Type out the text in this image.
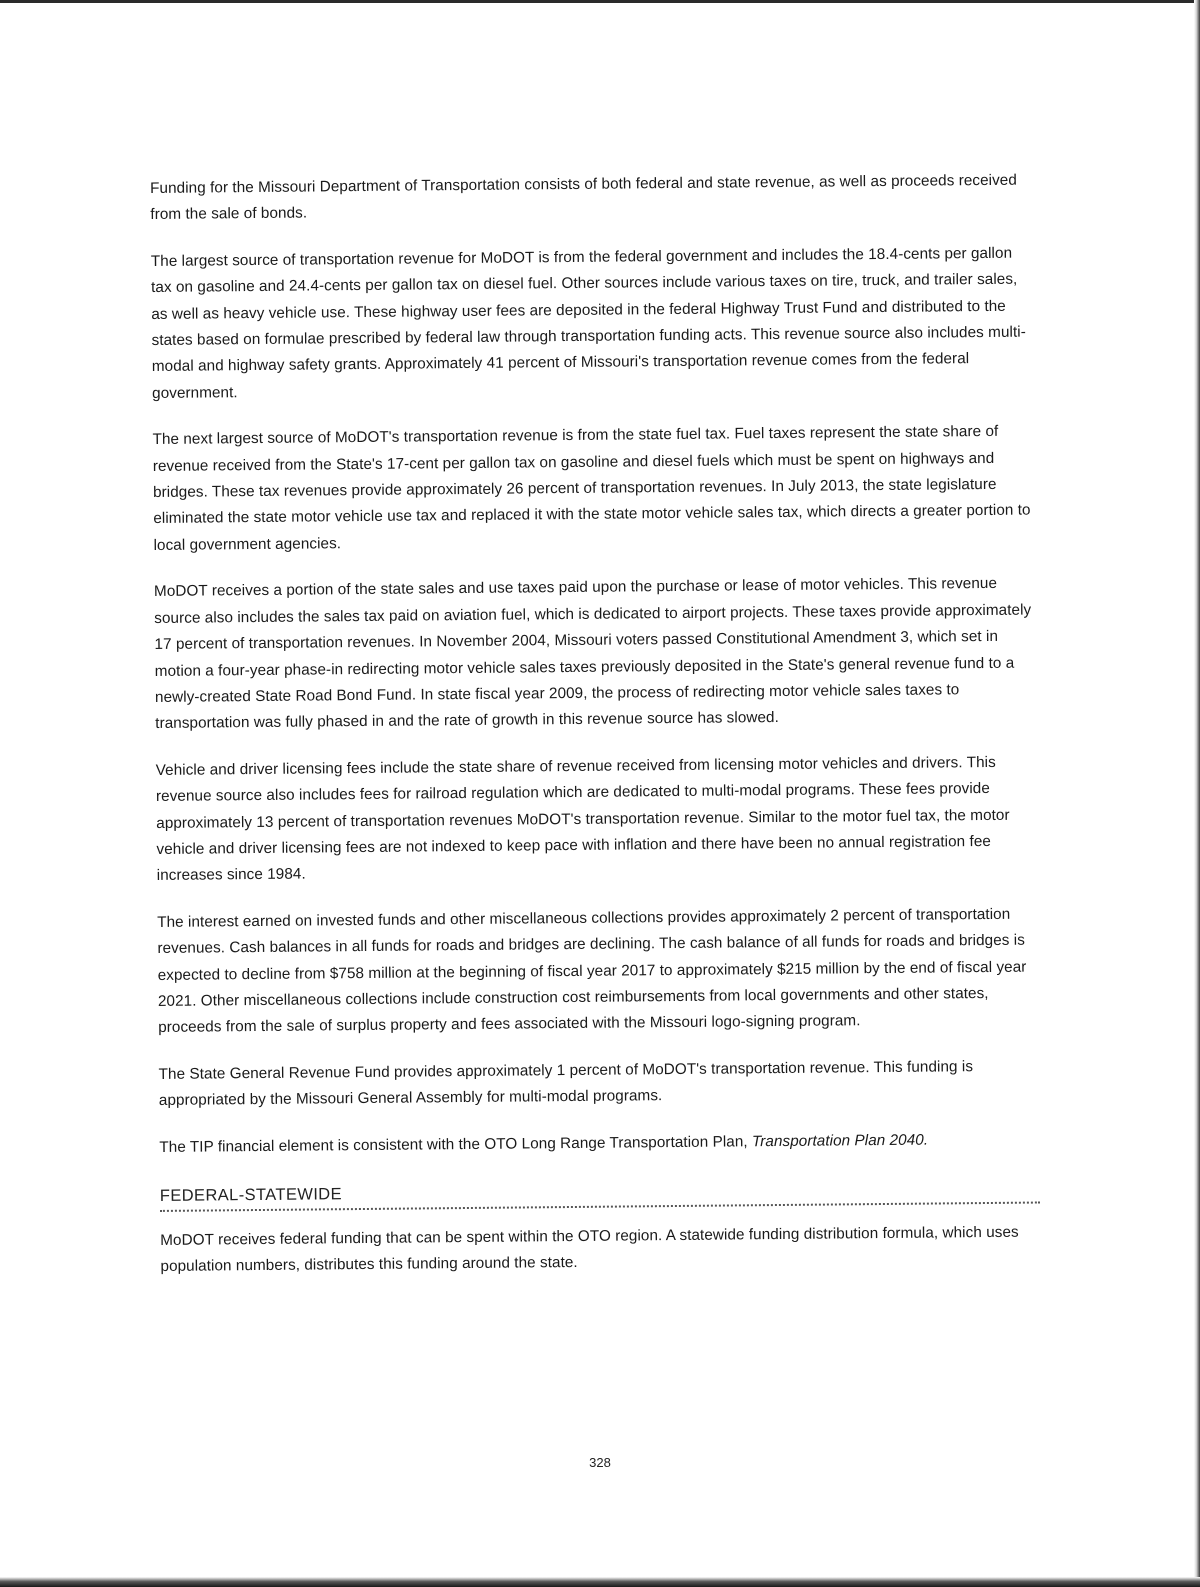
Funding for the Missouri Department of Transportation consists of both federal and state revenue, as well as proceeds received from the sale of bonds.

The largest source of transportation revenue for MoDOT is from the federal government and includes the 18.4-cents per gallon tax on gasoline and 24.4-cents per gallon tax on diesel fuel. Other sources include various taxes on tire, truck, and trailer sales, as well as heavy vehicle use. These highway user fees are deposited in the federal Highway Trust Fund and distributed to the states based on formulae prescribed by federal law through transportation funding acts. This revenue source also includes multi-modal and highway safety grants. Approximately 41 percent of Missouri's transportation revenue comes from the federal government.

The next largest source of MoDOT's transportation revenue is from the state fuel tax. Fuel taxes represent the state share of revenue received from the State's 17-cent per gallon tax on gasoline and diesel fuels which must be spent on highways and bridges. These tax revenues provide approximately 26 percent of transportation revenues. In July 2013, the state legislature eliminated the state motor vehicle use tax and replaced it with the state motor vehicle sales tax, which directs a greater portion to local government agencies.

MoDOT receives a portion of the state sales and use taxes paid upon the purchase or lease of motor vehicles. This revenue source also includes the sales tax paid on aviation fuel, which is dedicated to airport projects. These taxes provide approximately 17 percent of transportation revenues. In November 2004, Missouri voters passed Constitutional Amendment 3, which set in motion a four-year phase-in redirecting motor vehicle sales taxes previously deposited in the State's general revenue fund to a newly-created State Road Bond Fund. In state fiscal year 2009, the process of redirecting motor vehicle sales taxes to transportation was fully phased in and the rate of growth in this revenue source has slowed.

Vehicle and driver licensing fees include the state share of revenue received from licensing motor vehicles and drivers. This revenue source also includes fees for railroad regulation which are dedicated to multi-modal programs. These fees provide approximately 13 percent of transportation revenues MoDOT's transportation revenue. Similar to the motor fuel tax, the motor vehicle and driver licensing fees are not indexed to keep pace with inflation and there have been no annual registration fee increases since 1984.

The interest earned on invested funds and other miscellaneous collections provides approximately 2 percent of transportation revenues. Cash balances in all funds for roads and bridges are declining. The cash balance of all funds for roads and bridges is expected to decline from $758 million at the beginning of fiscal year 2017 to approximately $215 million by the end of fiscal year 2021. Other miscellaneous collections include construction cost reimbursements from local governments and other states, proceeds from the sale of surplus property and fees associated with the Missouri logo-signing program.

The State General Revenue Fund provides approximately 1 percent of MoDOT's transportation revenue. This funding is appropriated by the Missouri General Assembly for multi-modal programs.

The TIP financial element is consistent with the OTO Long Range Transportation Plan, Transportation Plan 2040.

FEDERAL-STATEWIDE

MoDOT receives federal funding that can be spent within the OTO region. A statewide funding distribution formula, which uses population numbers, distributes this funding around the state.

328
